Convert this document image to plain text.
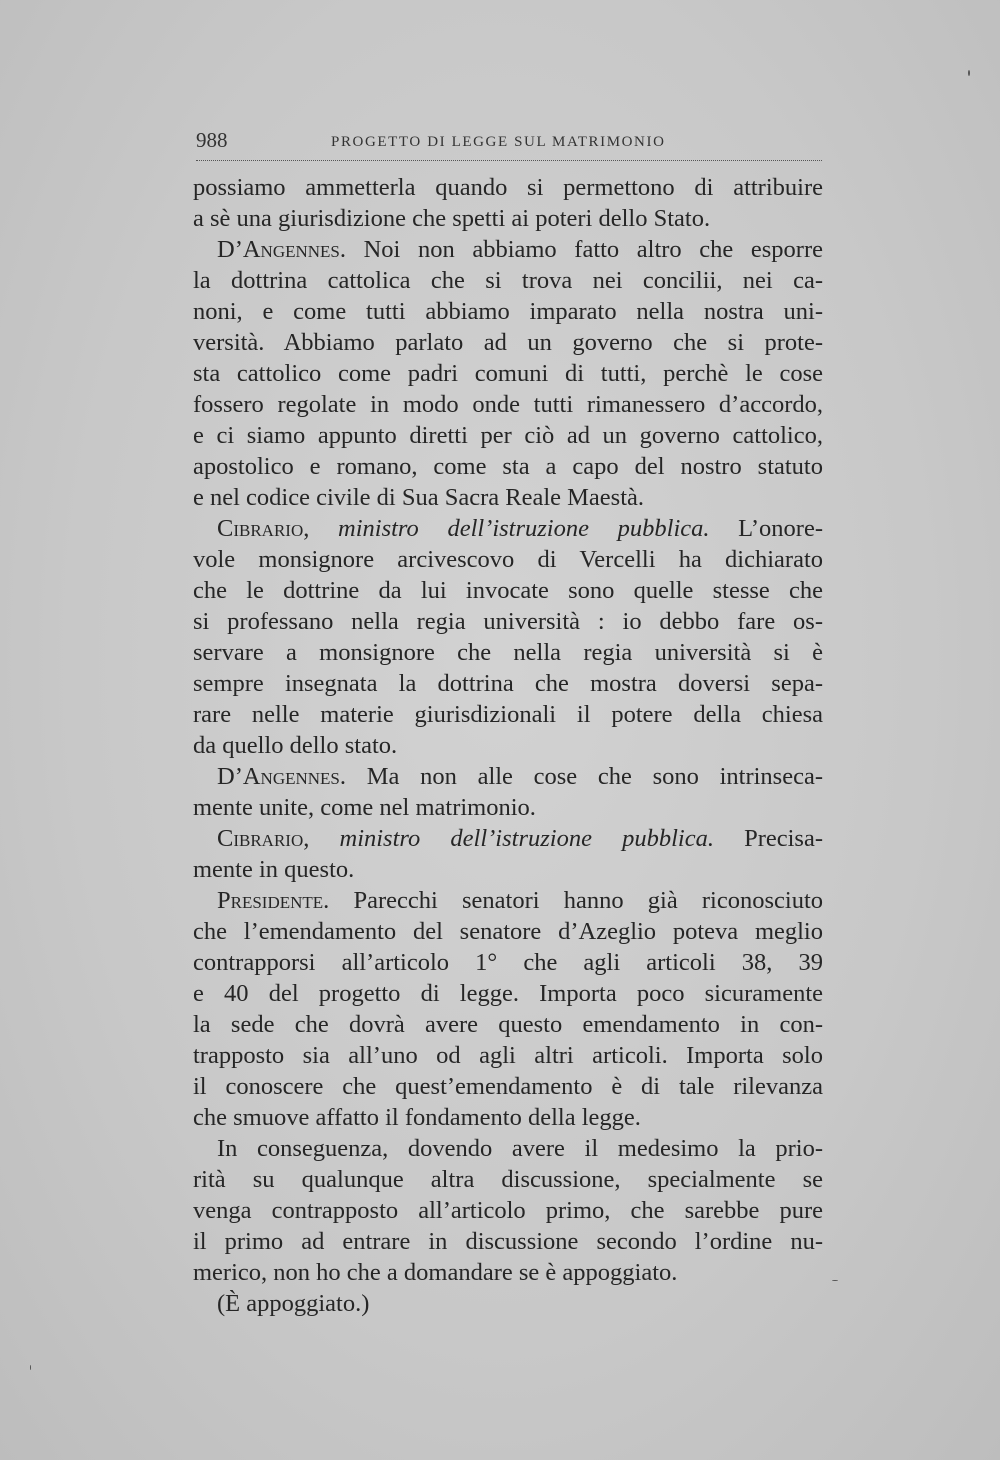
988	PROGETTO DI LEGGE SUL MATRIMONIO
possiamo ammetterla quando si permettono di attribuire
a sè una giurisdizione che spetti ai poteri dello Stato.
D’Angennes. Noi non abbiamo fatto altro che esporre
la dottrina cattolica che si trova nei concilii, nei ca-
noni, e come tutti abbiamo imparato nella nostra uni-
versità. Abbiamo parlato ad un governo che si prote-
sta cattolico come padri comuni di tutti, perchè le cose
fossero regolate in modo onde tutti rimanessero d’accordo,
e ci siamo appunto diretti per ciò ad un governo cattolico,
apostolico e romano, come sta a capo del nostro statuto
e nel codice civile di Sua Sacra Reale Maestà.
Cibrario, ministro dell’istruzione pubblica. L’onore-
vole monsignore arcivescovo di Vercelli ha dichiarato
che le dottrine da lui invocate sono quelle stesse che
si professano nella regia università : io debbo fare os-
servare a monsignore che nella regia università si è
sempre insegnata la dottrina che mostra doversi sepa-
rare nelle materie giurisdizionali il potere della chiesa
da quello dello stato.
D’Angennes. Ma non alle cose che sono intrinseca-
mente unite, come nel matrimonio.
Cibrario, ministro dell’istruzione pubblica. Precisa-
mente in questo.
Presidente. Parecchi senatori hanno già riconosciuto
che l’emendamento del senatore d’Azeglio poteva meglio
contrapporsi all’articolo 1° che agli articoli 38, 39
e 40 del progetto di legge. Importa poco sicuramente
la sede che dovrà avere questo emendamento in con-
trapposto sia all’uno od agli altri articoli. Importa solo
il conoscere che quest’emendamento è di tale rilevanza
che smuove affatto il fondamento della legge.
In conseguenza, dovendo avere il medesimo la prio-
rità su qualunque altra discussione, specialmente se
venga contrapposto all’articolo primo, che sarebbe pure
il primo ad entrare in discussione secondo l’ordine nu-
merico, non ho che a domandare se è appoggiato.
(È appoggiato.)
